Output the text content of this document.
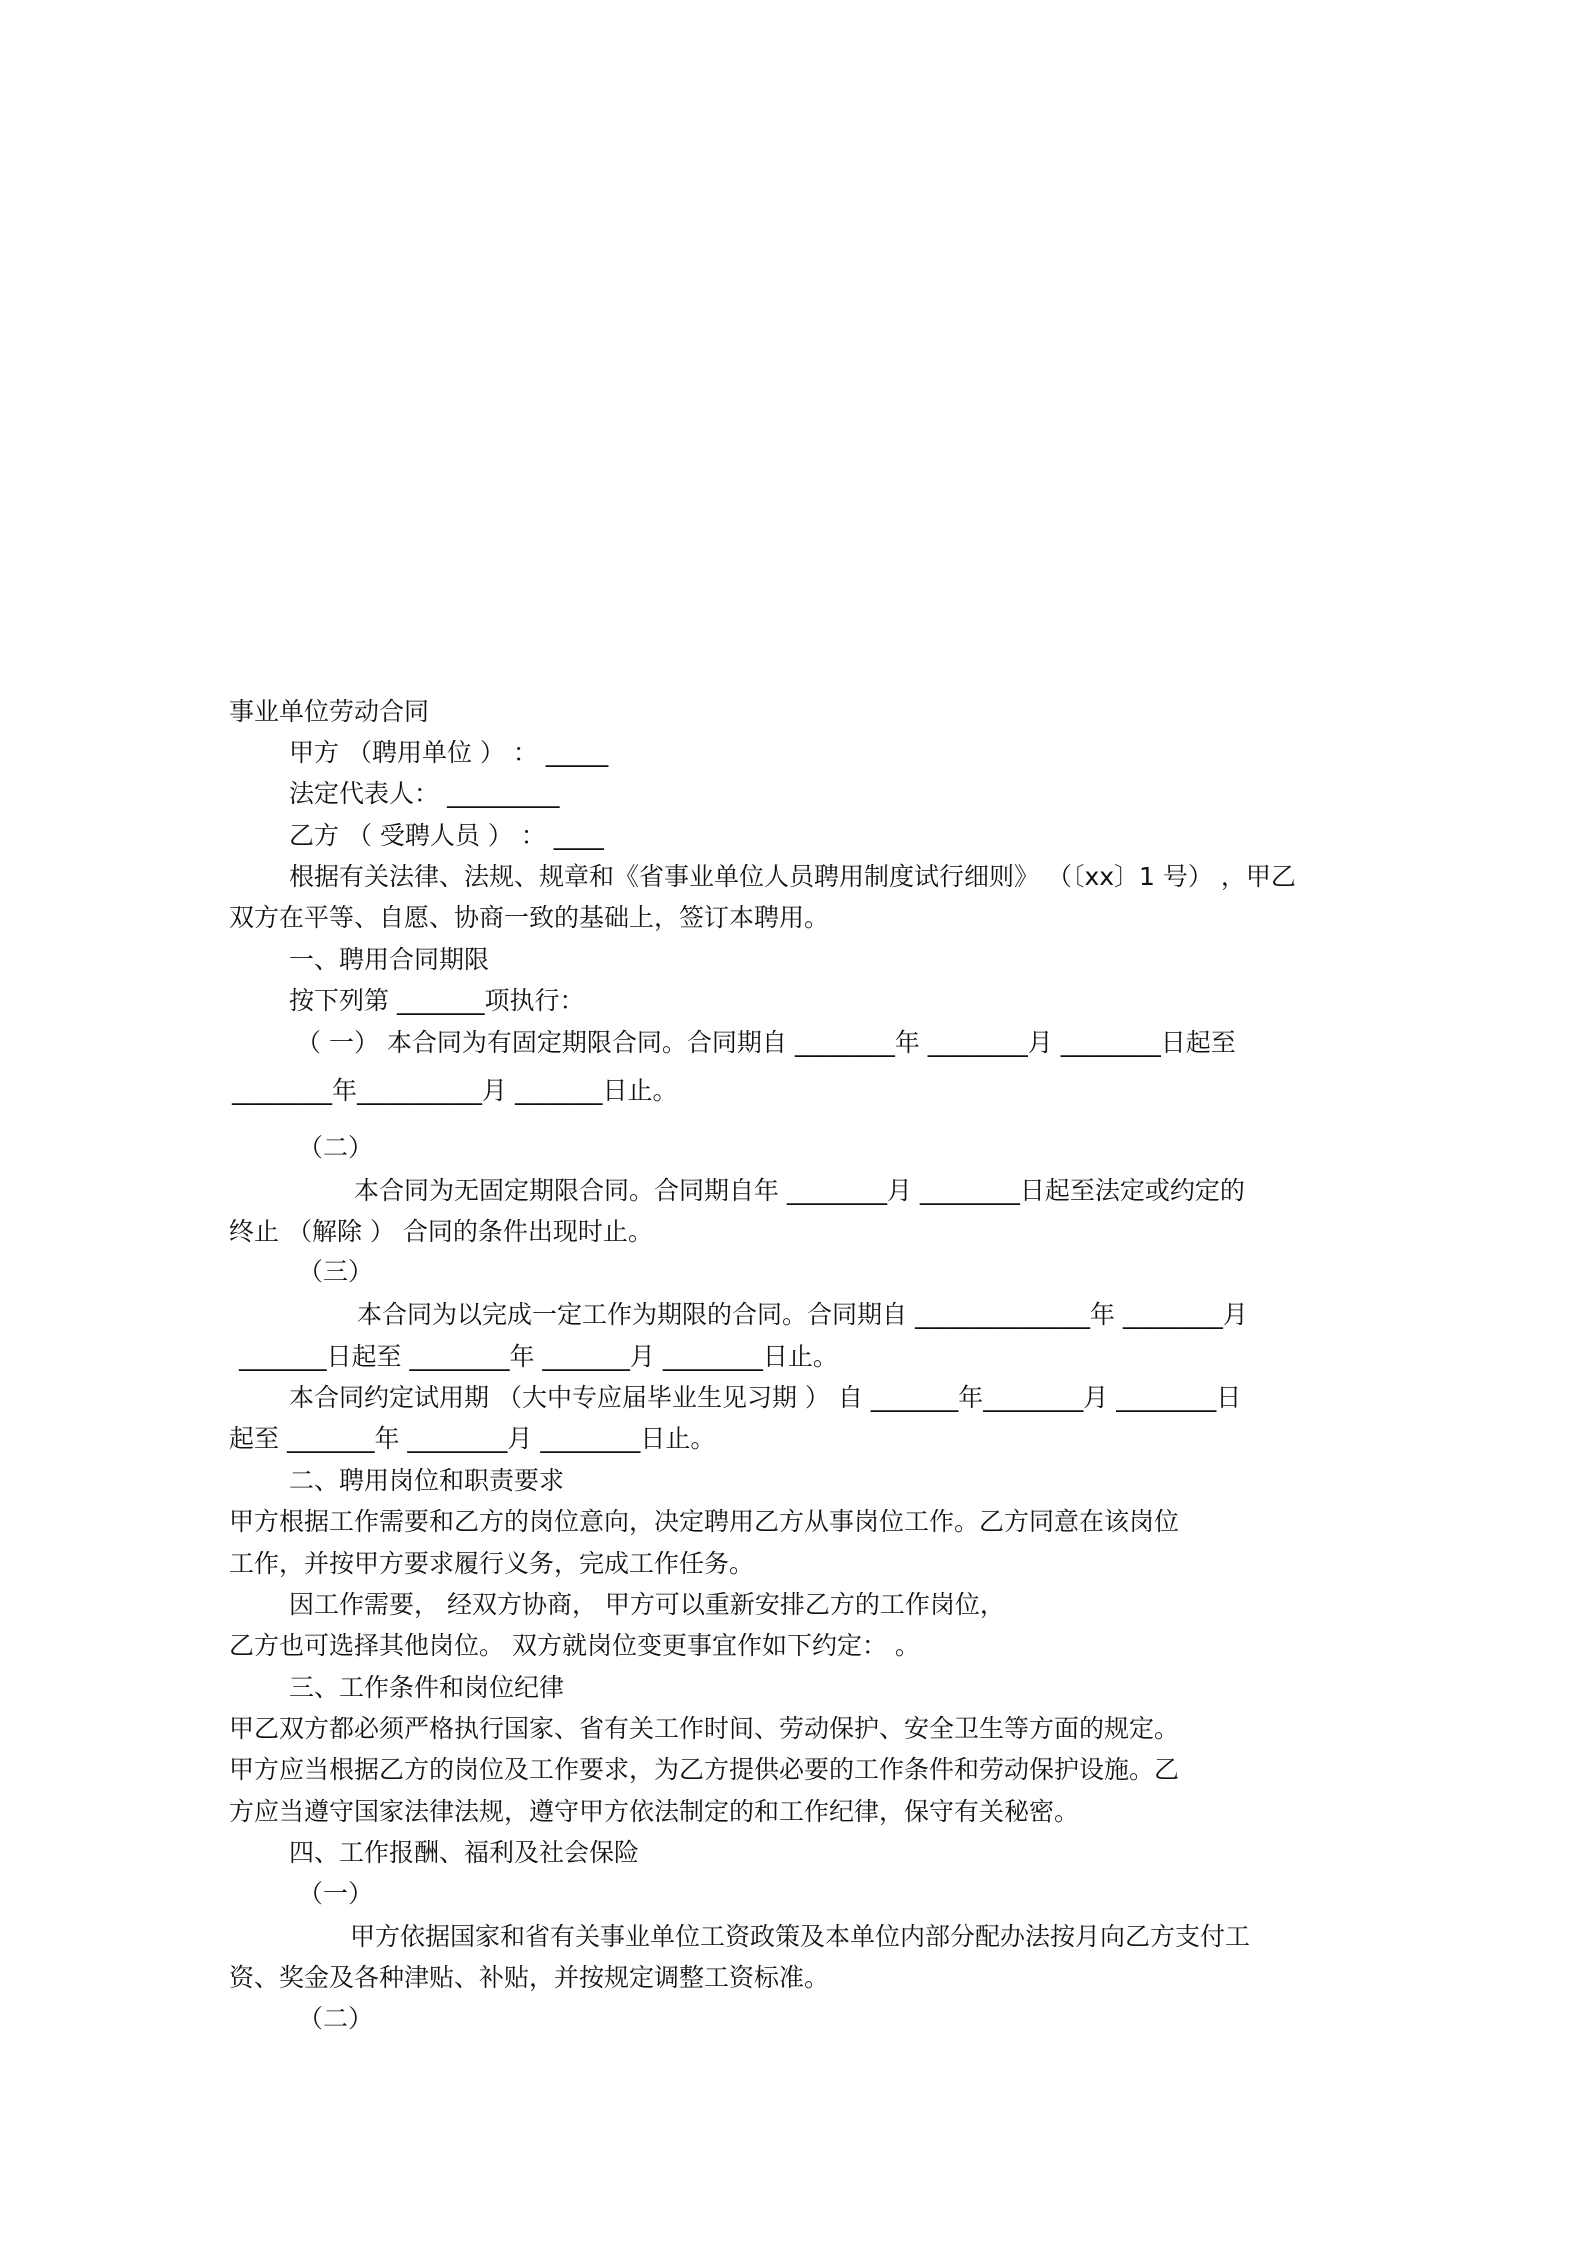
事业单位劳动合同

甲方 （聘用单位 ） ： _____

法定代表人： _________

乙方 （ 受聘人员 ） ： ____

根据有关法律、法规、规章和《省事业单位人员聘用制度试行细则》 （〔xx〕1 号） ，甲乙

双方在平等、自愿、协商一致的基础上，签订本聘用。

一、聘用合同期限

按下列第 _______项执行：

（ 一） 本合同为有固定期限合同。合同期自 ________年 ________月 ________日起至

________年__________月 _______日止。

（二）

本合同为无固定期限合同。合同期自年 ________月 ________日起至法定或约定的

终止 （解除 ） 合同的条件出现时止。

（三）

本合同为以完成一定工作为期限的合同。合同期自 ______________年 ________月

_______日起至 ________年 _______月 ________日止。

本合同约定试用期 （大中专应届毕业生见习期 ） 自 _______年________月 ________日

起至 _______年 ________月 ________日止。

二、聘用岗位和职责要求

甲方根据工作需要和乙方的岗位意向，决定聘用乙方从事岗位工作。乙方同意在该岗位

工作，并按甲方要求履行义务，完成工作任务。

因工作需要， 经双方协商， 甲方可以重新安排乙方的工作岗位，

乙方也可选择其他岗位。 双方就岗位变更事宜作如下约定： 。

三、工作条件和岗位纪律

甲乙双方都必须严格执行国家、省有关工作时间、劳动保护、安全卫生等方面的规定。

甲方应当根据乙方的岗位及工作要求，为乙方提供必要的工作条件和劳动保护设施。乙

方应当遵守国家法律法规，遵守甲方依法制定的和工作纪律，保守有关秘密。

四、工作报酬、福利及社会保险

（一）

甲方依据国家和省有关事业单位工资政策及本单位内部分配办法按月向乙方支付工

资、奖金及各种津贴、补贴，并按规定调整工资标准。

（二）
